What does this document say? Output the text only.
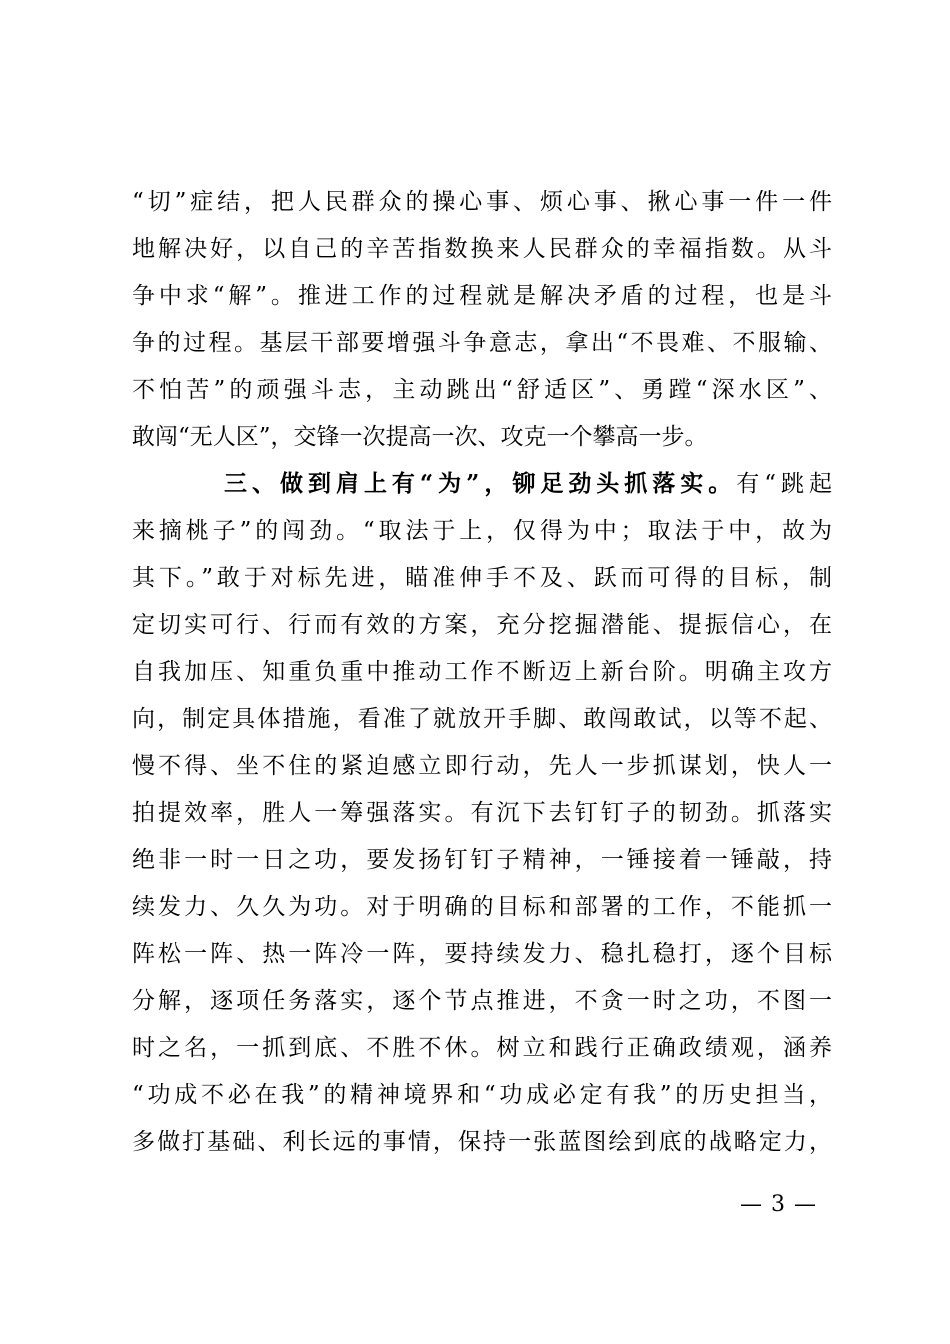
“切”症结，把人民群众的操心事、烦心事、揪心事一件一件
地解决好，以自己的辛苦指数换来人民群众的幸福指数。从斗
争中求“解”。推进工作的过程就是解决矛盾的过程，也是斗
争的过程。基层干部要增强斗争意志，拿出“不畏难、不服输、
不怕苦”的顽强斗志，主动跳出“舒适区”、勇蹚“深水区”、
敢闯“无人区”，交锋一次提高一次、攻克一个攀高一步。
三、做到肩上有“为”，铆足劲头抓落实。有“跳起
来摘桃子”的闯劲。“取法于上，仅得为中；取法于中，故为
其下。”敢于对标先进，瞄准伸手不及、跃而可得的目标，制
定切实可行、行而有效的方案，充分挖掘潜能、提振信心，在
自我加压、知重负重中推动工作不断迈上新台阶。明确主攻方
向，制定具体措施，看准了就放开手脚、敢闯敢试，以等不起、
慢不得、坐不住的紧迫感立即行动，先人一步抓谋划，快人一
拍提效率，胜人一筹强落实。有沉下去钉钉子的韧劲。抓落实
绝非一时一日之功，要发扬钉钉子精神，一锤接着一锤敲，持
续发力、久久为功。对于明确的目标和部署的工作，不能抓一
阵松一阵、热一阵冷一阵，要持续发力、稳扎稳打，逐个目标
分解，逐项任务落实，逐个节点推进，不贪一时之功，不图一
时之名，一抓到底、不胜不休。树立和践行正确政绩观，涵养
“功成不必在我”的精神境界和“功成必定有我”的历史担当，
多做打基础、利长远的事情，保持一张蓝图绘到底的战略定力，
— 3 —
